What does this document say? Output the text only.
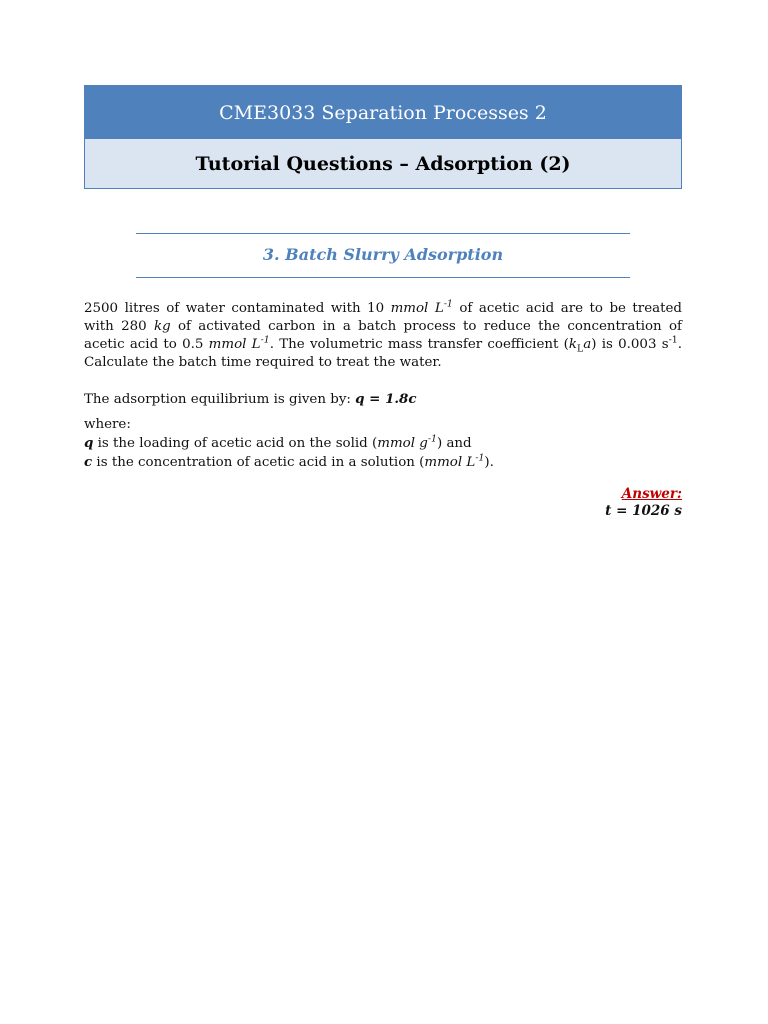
CME3033 Separation Processes 2
Tutorial Questions – Adsorption (2)
3. Batch Slurry Adsorption
2500 litres of water contaminated with 10 mmol $L^{-1}$ of acetic acid are to be treated with 280 kg of activated carbon in a batch process to reduce the concentration of acetic acid to 0.5 mmol $L^{-1}$. The volumetric mass transfer coefficient $(k_La)$ is 0.003 $s^{-1}$. Calculate the batch time required to treat the water.
The adsorption equilibrium is given by: q = 1.8c
where:
q is the loading of acetic acid on the solid (mmol $g^{-1}$) and
c is the concentration of acetic acid in a solution (mmol $L^{-1}$).
Answer:
t = 1026 s
